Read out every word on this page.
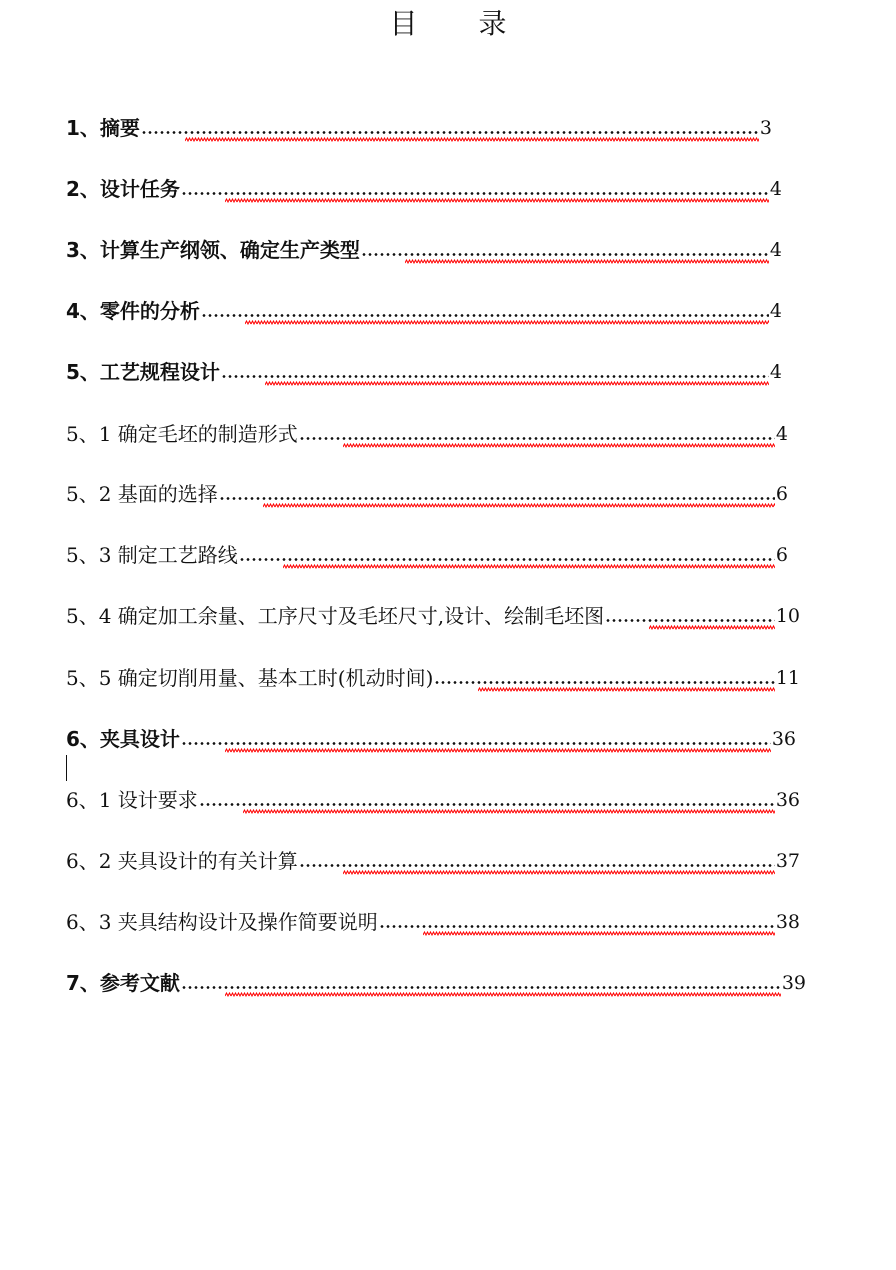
目 录
1、摘要	3
2、设计任务	4
3、计算生产纲领、确定生产类型	4
4、零件的分析	4
5、工艺规程设计	4
5、1 确定毛坯的制造形式	4
5、2 基面的选择	6
5、3 制定工艺路线	6
5、4 确定加工余量、工序尺寸及毛坯尺寸,设计、绘制毛坯图	10
5、5 确定切削用量、基本工时(机动时间)	11
6、夹具设计	36
6、1 设计要求	36
6、2 夹具设计的有关计算	37
6、3 夹具结构设计及操作简要说明	38
7、参考文献	39
